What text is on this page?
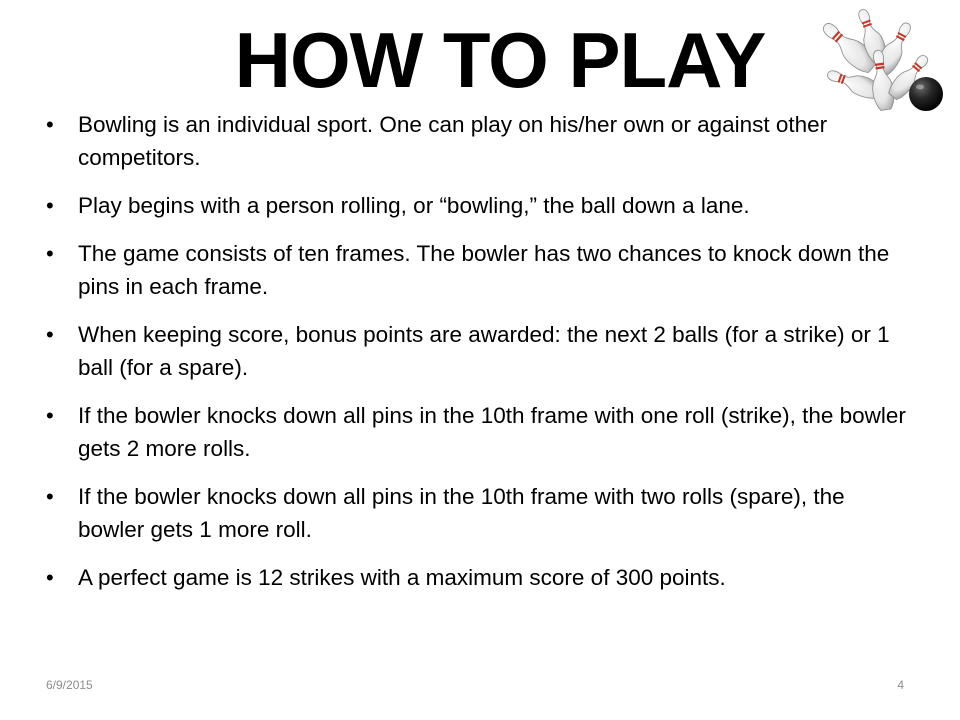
HOW TO PLAY
•	Bowling is an individual sport. One can play on his/her own or against other competitors.
•	Play begins with a person rolling, or “bowling,” the ball down a lane.
•	The game consists of ten frames. The bowler has two chances to knock down the pins in each frame.
•	When keeping score, bonus points are awarded: the next 2 balls (for a strike) or 1 ball (for a spare).
•	If the bowler knocks down all pins in the 10th frame with one roll (strike), the bowler gets 2 more rolls.
•	If the bowler knocks down all pins in the 10th frame with two rolls (spare), the bowler gets 1 more roll.
•	A perfect game is 12 strikes with a maximum score of 300 points.
6/9/2015	4
